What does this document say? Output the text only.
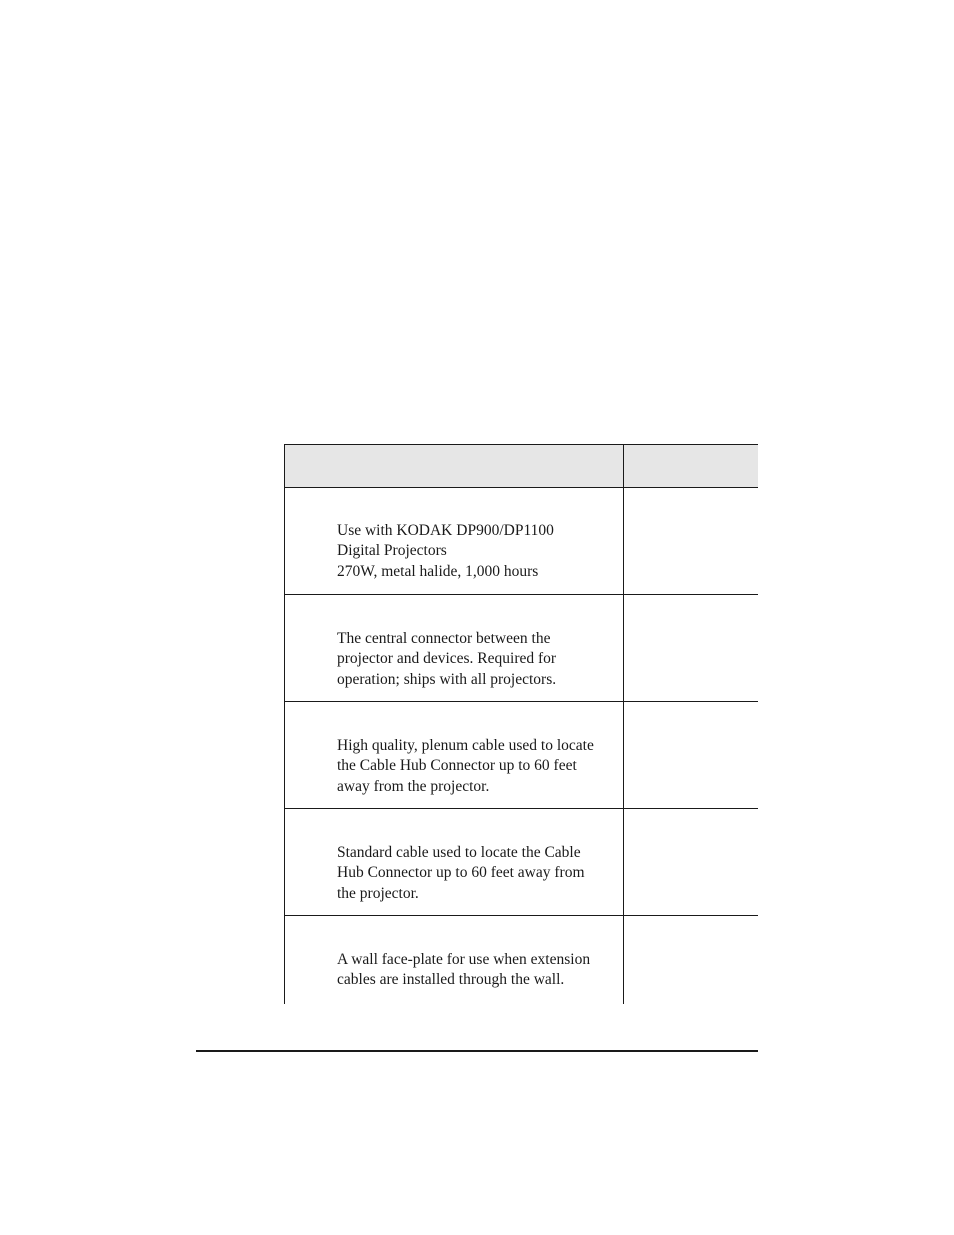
Use with KODAK DP900/DP1100
Digital Projectors
270W, metal halide, 1,000 hours	

The central connector between the
projector and devices. Required for
operation; ships with all projectors.	

High quality, plenum cable used to locate
the Cable Hub Connector up to 60 feet
away from the projector.	

Standard cable used to locate the Cable
Hub Connector up to 60 feet away from
the projector.	

A wall face-plate for use when extension
cables are installed through the wall.	
